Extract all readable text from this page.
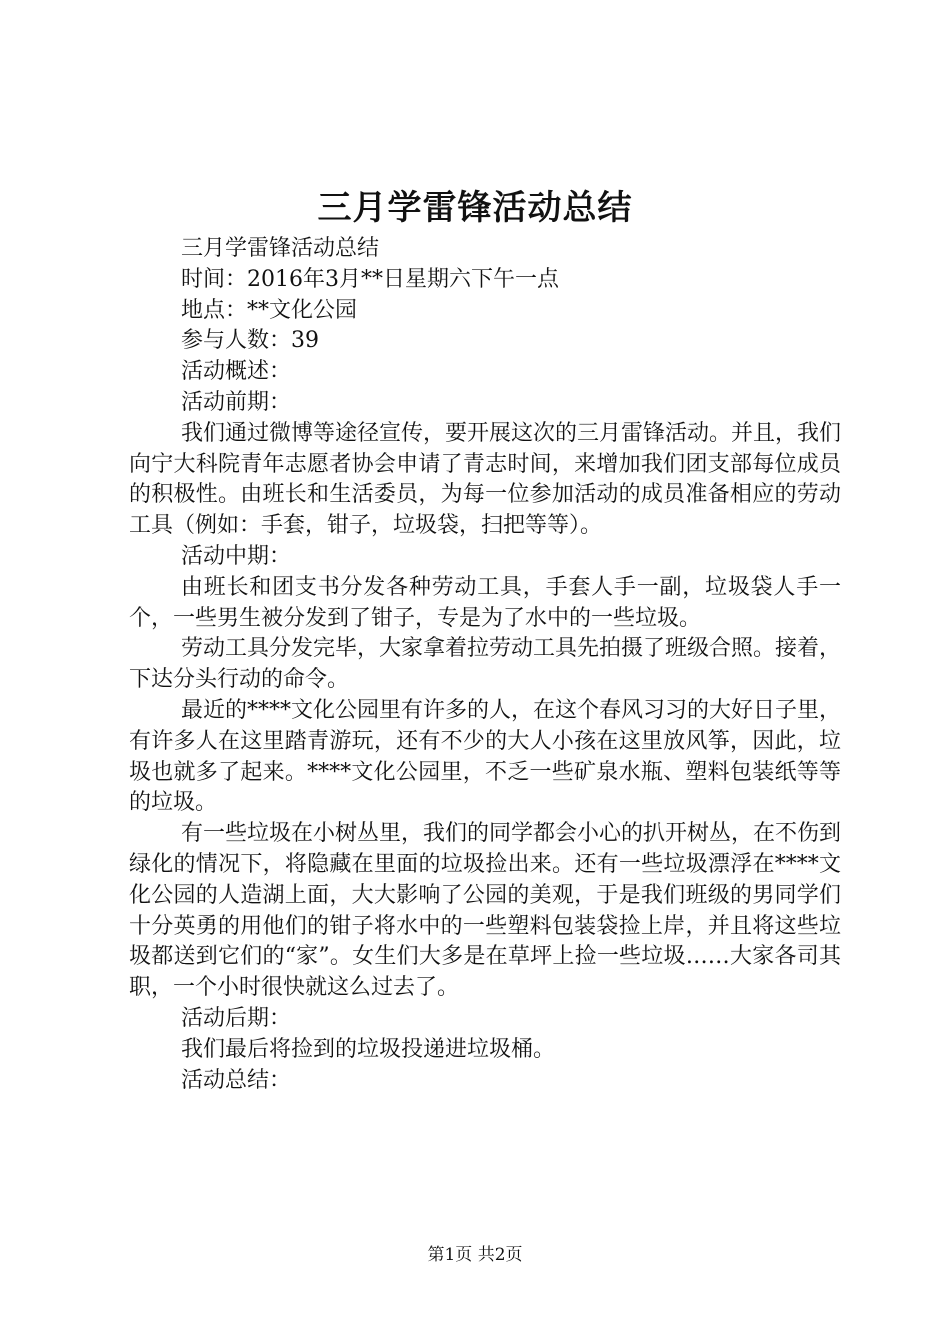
三月学雷锋活动总结

三月学雷锋活动总结

时间：2016年3月**日星期六下午一点

地点：**文化公园

参与人数：39

活动概述：

活动前期：

我们通过微博等途径宣传，要开展这次的三月雷锋活动。并且，我们向宁大科院青年志愿者协会申请了青志时间，来增加我们团支部每位成员的积极性。由班长和生活委员，为每一位参加活动的成员准备相应的劳动工具（例如：手套，钳子，垃圾袋，扫把等等）。

活动中期：

由班长和团支书分发各种劳动工具，手套人手一副，垃圾袋人手一个，一些男生被分发到了钳子，专是为了水中的一些垃圾。

劳动工具分发完毕，大家拿着拉劳动工具先拍摄了班级合照。接着，下达分头行动的命令。

最近的****文化公园里有许多的人，在这个春风习习的大好日子里，有许多人在这里踏青游玩，还有不少的大人小孩在这里放风筝，因此，垃圾也就多了起来。****文化公园里，不乏一些矿泉水瓶、塑料包装纸等等的垃圾。

有一些垃圾在小树丛里，我们的同学都会小心的扒开树丛，在不伤到绿化的情况下，将隐藏在里面的垃圾捡出来。还有一些垃圾漂浮在****文化公园的人造湖上面，大大影响了公园的美观，于是我们班级的男同学们十分英勇的用他们的钳子将水中的一些塑料包装袋捡上岸，并且将这些垃圾都送到它们的“家”。女生们大多是在草坪上捡一些垃圾……大家各司其职，一个小时很快就这么过去了。

活动后期：

我们最后将捡到的垃圾投递进垃圾桶。

活动总结：

第1页 共2页
